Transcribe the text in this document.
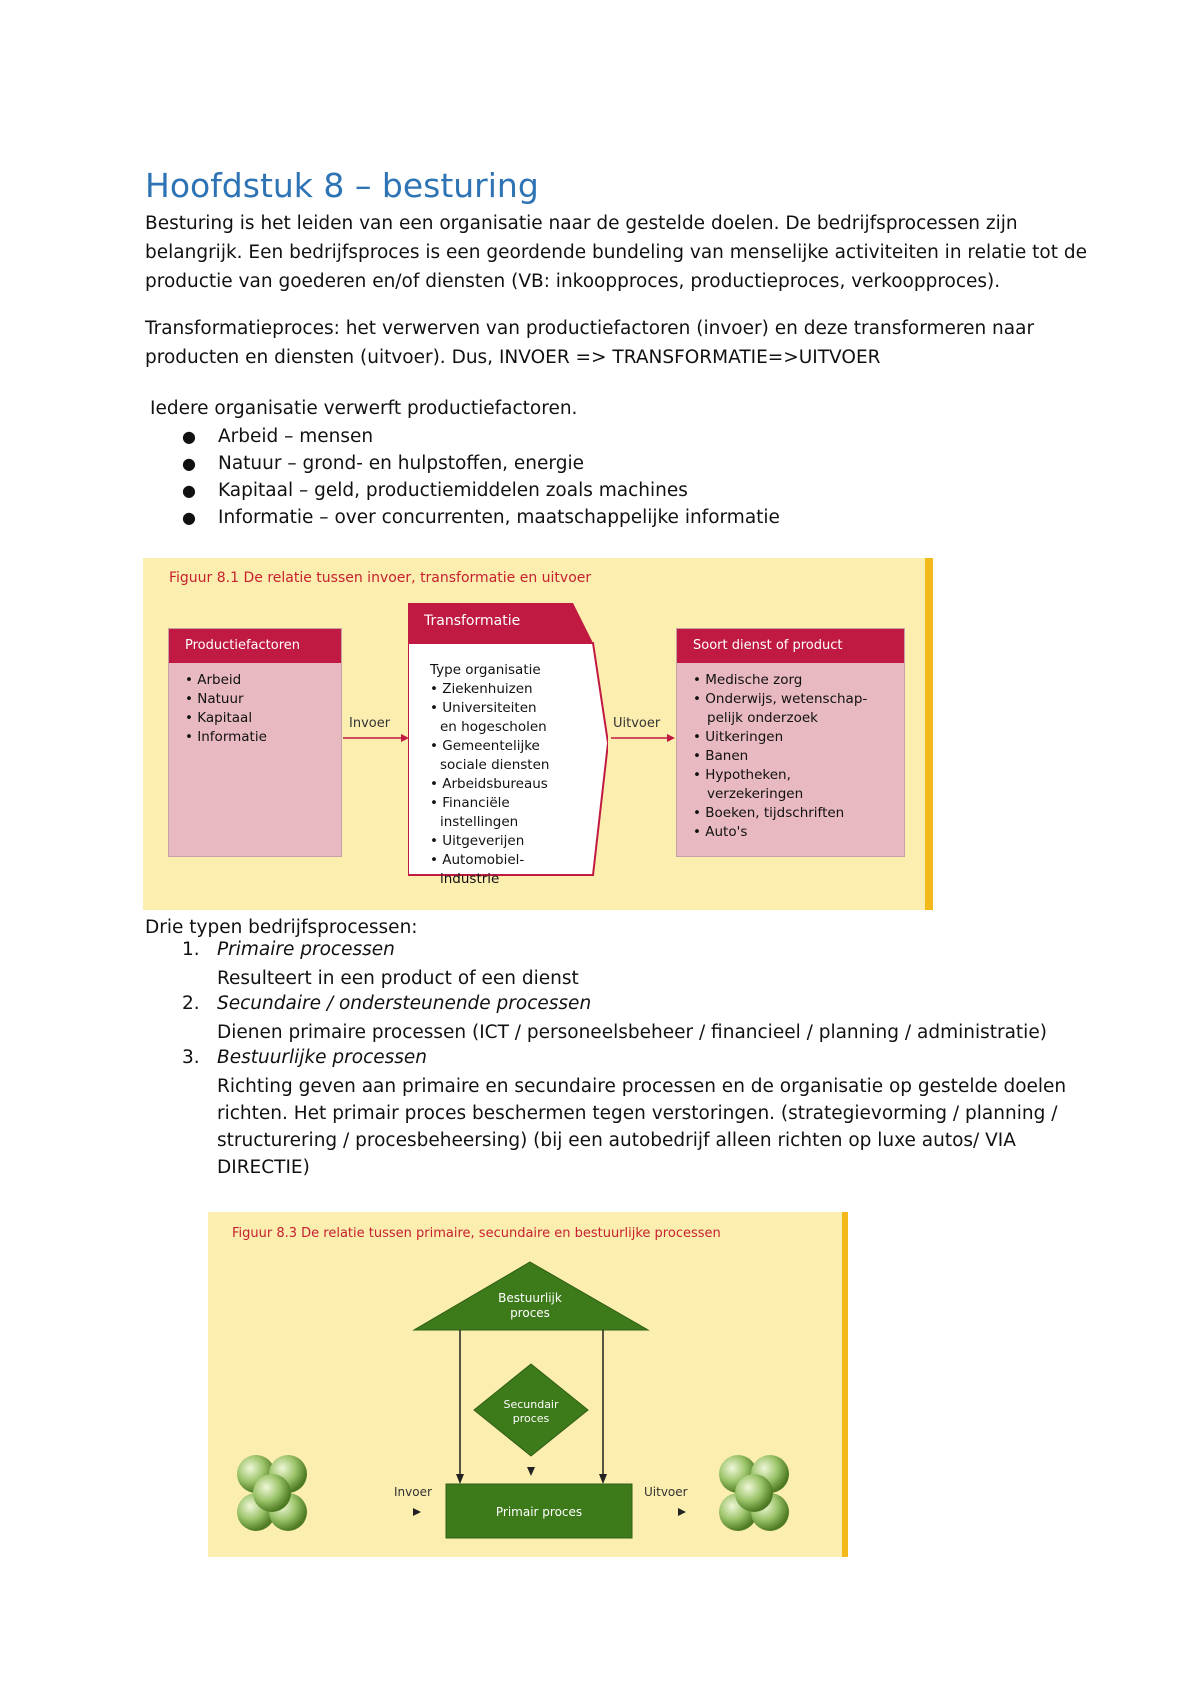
Hoofdstuk 8 – besturing
Besturing is het leiden van een organisatie naar de gestelde doelen. De bedrijfsprocessen zijn
belangrijk. Een bedrijfsproces is een geordende bundeling van menselijke activiteiten in relatie tot de
productie van goederen en/of diensten (VB: inkoopproces, productieproces, verkoopproces).
Transformatieproces: het verwerven van productiefactoren (invoer) en deze transformeren naar
producten en diensten (uitvoer). Dus, INVOER => TRANSFORMATIE=>UITVOER
Iedere organisatie verwerft productiefactoren.
● Arbeid – mensen
● Natuur – grond- en hulpstoffen, energie
● Kapitaal – geld, productiemiddelen zoals machines
● Informatie – over concurrenten, maatschappelijke informatie
Figuur 8.1 De relatie tussen invoer, transformatie en uitvoer
Productiefactoren
• Arbeid
• Natuur
• Kapitaal
• Informatie
Invoer	Uitvoer
Transformatie
Type organisatie
• Ziekenhuizen
• Universiteiten
en hogescholen
• Gemeentelijke
sociale diensten
• Arbeidsbureaus
• Financiële
instellingen
• Uitgeverijen
• Automobiel-
industrie
Soort dienst of product
• Medische zorg
• Onderwijs, wetenschap-
pelijk onderzoek
• Uitkeringen
• Banen
• Hypotheken,
verzekeringen
• Boeken, tijdschriften
• Auto's
Drie typen bedrijfsprocessen:
1. Primaire processen
Resulteert in een product of een dienst
2. Secundaire / ondersteunende processen
Dienen primaire processen (ICT / personeelsbeheer / financieel / planning / administratie)
3. Bestuurlijke processen
Richting geven aan primaire en secundaire processen en de organisatie op gestelde doelen
richten. Het primair proces beschermen tegen verstoringen. (strategievorming / planning /
structurering / procesbeheersing) (bij een autobedrijf alleen richten op luxe autos/ VIA
DIRECTIE)
Bestuurlijk
proces
Secundair
proces
Primair proces
Invoer	Uitvoer
Figuur 8.3 De relatie tussen primaire, secundaire en bestuurlijke processen
